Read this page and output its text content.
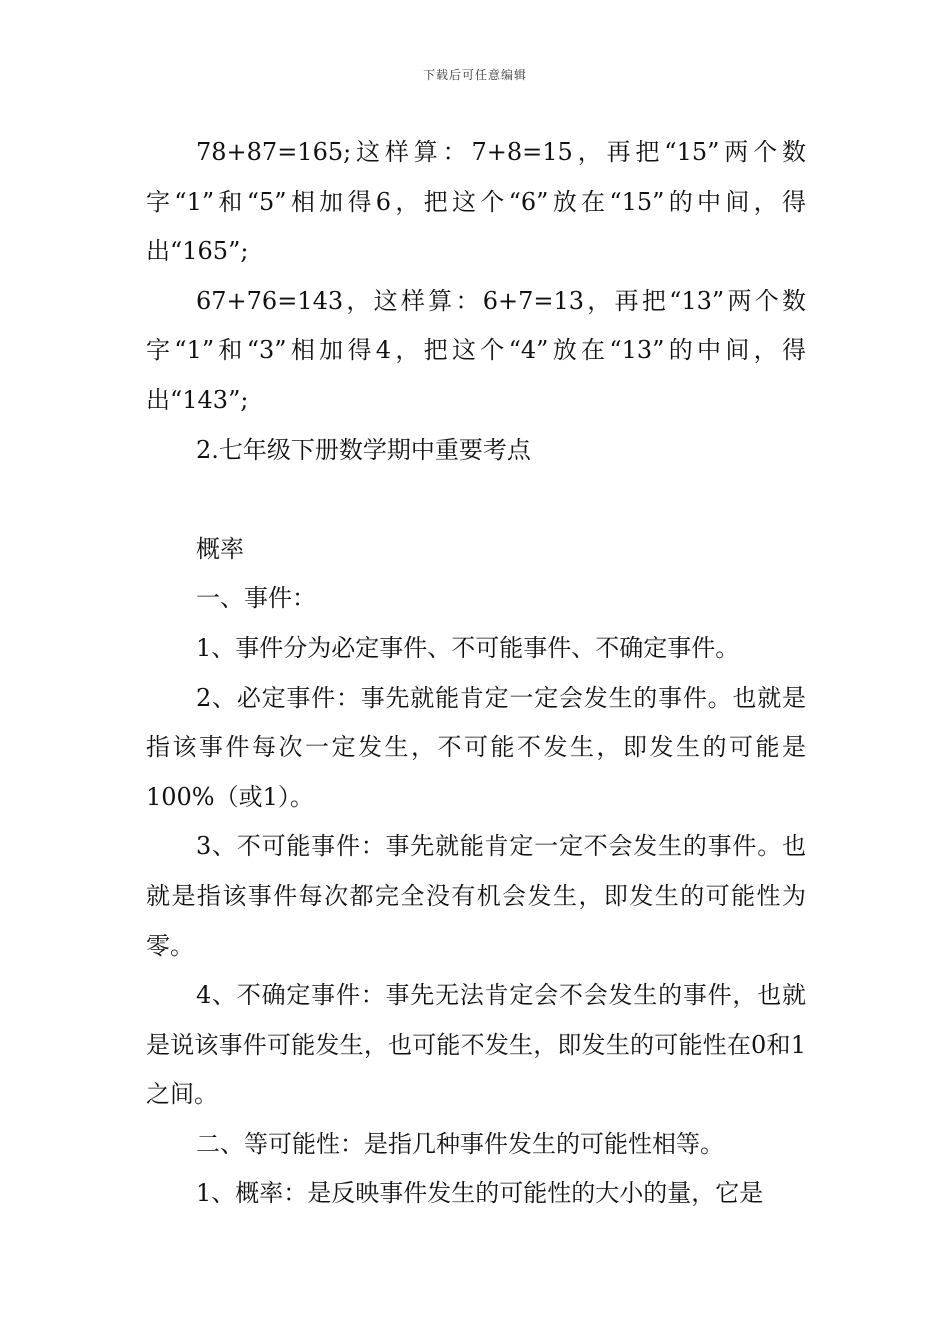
下载后可任意编辑

78+87=165;这样算：7+8=15，再把“15”两个数字“1”和“5”相加得6，把这个“6”放在“15”的中间，得出“165”;

67+76=143，这样算：6+7=13，再把“13”两个数字“1”和“3”相加得4，把这个“4”放在“13”的中间，得出“143”;

2.七年级下册数学期中重要考点

概率

一、事件：

1、事件分为必定事件、不可能事件、不确定事件。

2、必定事件：事先就能肯定一定会发生的事件。也就是指该事件每次一定发生，不可能不发生，即发生的可能是100%（或1）。

3、不可能事件：事先就能肯定一定不会发生的事件。也就是指该事件每次都完全没有机会发生，即发生的可能性为零。

4、不确定事件：事先无法肯定会不会发生的事件，也就是说该事件可能发生，也可能不发生，即发生的可能性在0和1之间。

二、等可能性：是指几种事件发生的可能性相等。

1、概率：是反映事件发生的可能性的大小的量，它是
